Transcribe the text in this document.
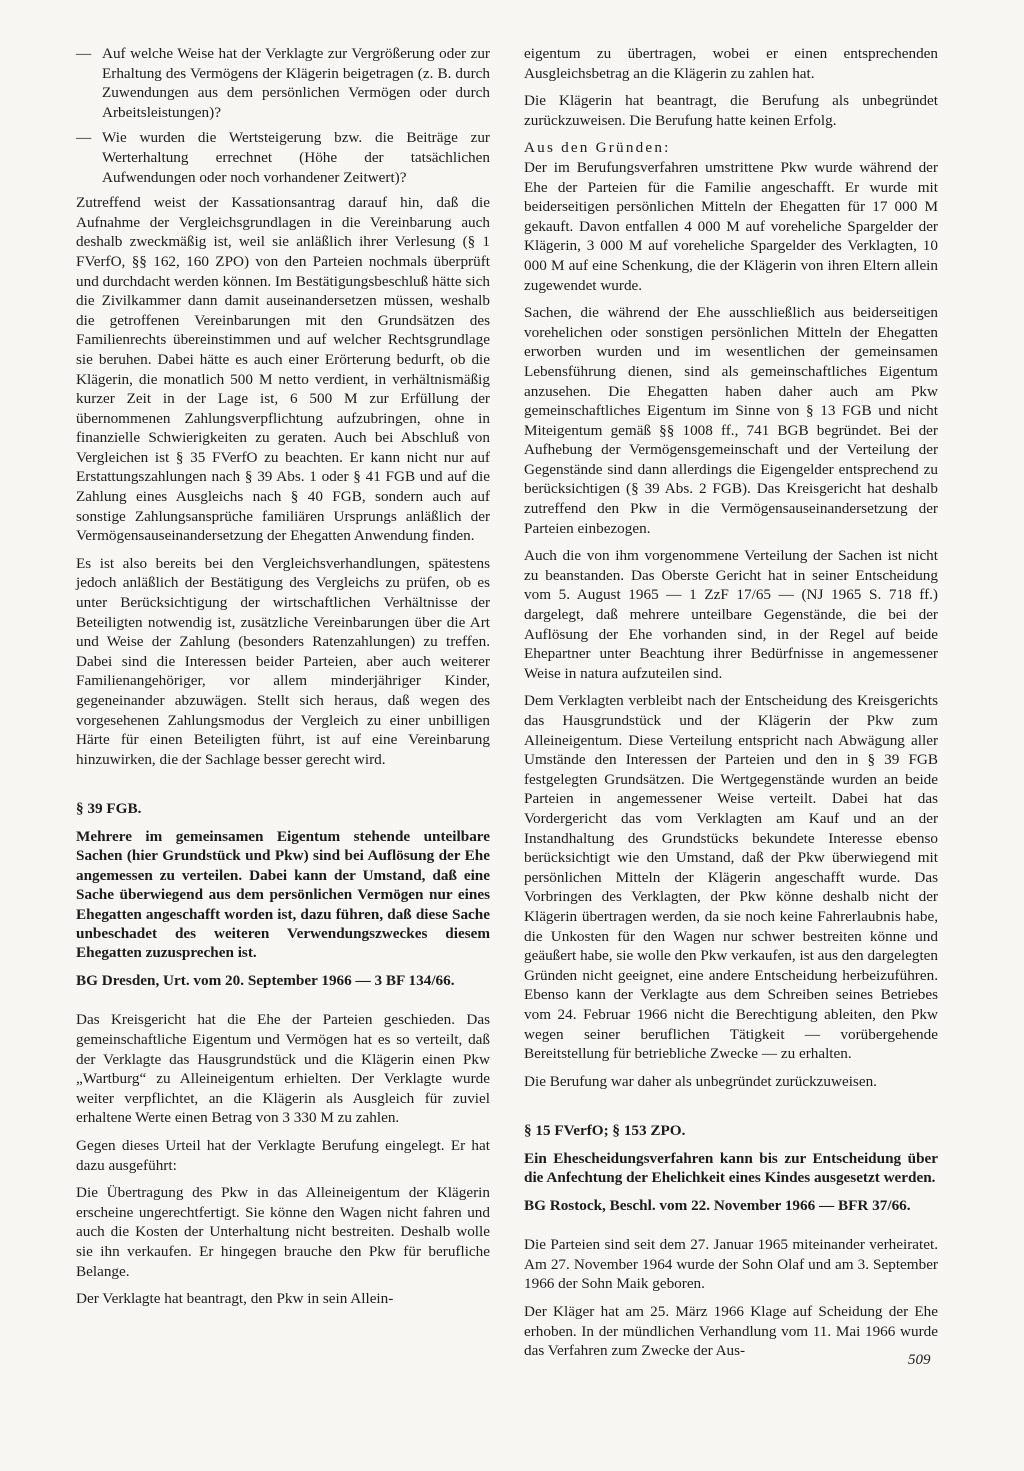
— Auf welche Weise hat der Verklagte zur Vergrößerung oder zur Erhaltung des Vermögens der Klägerin beigetragen (z. B. durch Zuwendungen aus dem persönlichen Vermögen oder durch Arbeitsleistungen)?

— Wie wurden die Wertsteigerung bzw. die Beiträge zur Werterhaltung errechnet (Höhe der tatsächlichen Aufwendungen oder noch vorhandener Zeitwert)?

Zutreffend weist der Kassationsantrag darauf hin, daß die Aufnahme der Vergleichsgrundlagen in die Vereinbarung auch deshalb zweckmäßig ist, weil sie anläßlich ihrer Verlesung (§ 1 FVerfO, §§ 162, 160 ZPO) von den Parteien nochmals überprüft und durchdacht werden können. Im Bestätigungsbeschluß hätte sich die Zivilkammer dann damit auseinandersetzen müssen, weshalb die getroffenen Vereinbarungen mit den Grundsätzen des Familienrechts übereinstimmen und auf welcher Rechtsgrundlage sie beruhen. Dabei hätte es auch einer Erörterung bedurft, ob die Klägerin, die monatlich 500 M netto verdient, in verhältnismäßig kurzer Zeit in der Lage ist, 6 500 M zur Erfüllung der übernommenen Zahlungsverpflichtung aufzubringen, ohne in finanzielle Schwierigkeiten zu geraten. Auch bei Abschluß von Vergleichen ist § 35 FVerfO zu beachten. Er kann nicht nur auf Erstattungszahlungen nach § 39 Abs. 1 oder § 41 FGB und auf die Zahlung eines Ausgleichs nach § 40 FGB, sondern auch auf sonstige Zahlungsansprüche familiären Ursprungs anläßlich der Vermögensauseinandersetzung der Ehegatten Anwendung finden.

Es ist also bereits bei den Vergleichsverhandlungen, spätestens jedoch anläßlich der Bestätigung des Vergleichs zu prüfen, ob es unter Berücksichtigung der wirtschaftlichen Verhältnisse der Beteiligten notwendig ist, zusätzliche Vereinbarungen über die Art und Weise der Zahlung (besonders Ratenzahlungen) zu treffen. Dabei sind die Interessen beider Parteien, aber auch weiterer Familienangehöriger, vor allem minderjähriger Kinder, gegeneinander abzuwägen. Stellt sich heraus, daß wegen des vorgesehenen Zahlungsmodus der Vergleich zu einer unbilligen Härte für einen Beteiligten führt, ist auf eine Vereinbarung hinzuwirken, die der Sachlage besser gerecht wird.

§ 39 FGB.

Mehrere im gemeinsamen Eigentum stehende unteilbare Sachen (hier Grundstück und Pkw) sind bei Auflösung der Ehe angemessen zu verteilen. Dabei kann der Umstand, daß eine Sache überwiegend aus dem persönlichen Vermögen nur eines Ehegatten angeschafft worden ist, dazu führen, daß diese Sache unbeschadet des weiteren Verwendungszweckes diesem Ehegatten zuzusprechen ist.

BG Dresden, Urt. vom 20. September 1966 — 3 BF 134/66.

Das Kreisgericht hat die Ehe der Parteien geschieden. Das gemeinschaftliche Eigentum und Vermögen hat es so verteilt, daß der Verklagte das Hausgrundstück und die Klägerin einen Pkw „Wartburg“ zu Alleineigentum erhielten. Der Verklagte wurde weiter verpflichtet, an die Klägerin als Ausgleich für zuviel erhaltene Werte einen Betrag von 3 330 M zu zahlen.

Gegen dieses Urteil hat der Verklagte Berufung eingelegt. Er hat dazu ausgeführt:

Die Übertragung des Pkw in das Alleineigentum der Klägerin erscheine ungerechtfertigt. Sie könne den Wagen nicht fahren und auch die Kosten der Unterhaltung nicht bestreiten. Deshalb wolle sie ihn verkaufen. Er hingegen brauche den Pkw für berufliche Belange.

Der Verklagte hat beantragt, den Pkw in sein Allein-

eigentum zu übertragen, wobei er einen entsprechenden Ausgleichsbetrag an die Klägerin zu zahlen hat.

Die Klägerin hat beantragt, die Berufung als unbegründet zurückzuweisen. Die Berufung hatte keinen Erfolg.

Aus den Gründen:

Der im Berufungsverfahren umstrittene Pkw wurde während der Ehe der Parteien für die Familie angeschafft. Er wurde mit beiderseitigen persönlichen Mitteln der Ehegatten für 17 000 M gekauft. Davon entfallen 4 000 M auf voreheliche Spargelder der Klägerin, 3 000 M auf voreheliche Spargelder des Verklagten, 10 000 M auf eine Schenkung, die der Klägerin von ihren Eltern allein zugewendet wurde.

Sachen, die während der Ehe ausschließlich aus beiderseitigen vorehelichen oder sonstigen persönlichen Mitteln der Ehegatten erworben wurden und im wesentlichen der gemeinsamen Lebensführung dienen, sind als gemeinschaftliches Eigentum anzusehen. Die Ehegatten haben daher auch am Pkw gemeinschaftliches Eigentum im Sinne von § 13 FGB und nicht Miteigentum gemäß §§ 1008 ff., 741 BGB begründet. Bei der Aufhebung der Vermögensgemeinschaft und der Verteilung der Gegenstände sind dann allerdings die Eigengelder entsprechend zu berücksichtigen (§ 39 Abs. 2 FGB). Das Kreisgericht hat deshalb zutreffend den Pkw in die Vermögensauseinandersetzung der Parteien einbezogen.

Auch die von ihm vorgenommene Verteilung der Sachen ist nicht zu beanstanden. Das Oberste Gericht hat in seiner Entscheidung vom 5. August 1965 — 1 ZzF 17/65 — (NJ 1965 S. 718 ff.) dargelegt, daß mehrere unteilbare Gegenstände, die bei der Auflösung der Ehe vorhanden sind, in der Regel auf beide Ehepartner unter Beachtung ihrer Bedürfnisse in angemessener Weise in natura aufzuteilen sind.

Dem Verklagten verbleibt nach der Entscheidung des Kreisgerichts das Hausgrundstück und der Klägerin der Pkw zum Alleineigentum. Diese Verteilung entspricht nach Abwägung aller Umstände den Interessen der Parteien und den in § 39 FGB festgelegten Grundsätzen. Die Wertgegenstände wurden an beide Parteien in angemessener Weise verteilt. Dabei hat das Vordergericht das vom Verklagten am Kauf und an der Instandhaltung des Grundstücks bekundete Interesse ebenso berücksichtigt wie den Umstand, daß der Pkw überwiegend mit persönlichen Mitteln der Klägerin angeschafft wurde. Das Vorbringen des Verklagten, der Pkw könne deshalb nicht der Klägerin übertragen werden, da sie noch keine Fahrerlaubnis habe, die Unkosten für den Wagen nur schwer bestreiten könne und geäußert habe, sie wolle den Pkw verkaufen, ist aus den dargelegten Gründen nicht geeignet, eine andere Entscheidung herbeizuführen. Ebenso kann der Verklagte aus dem Schreiben seines Betriebes vom 24. Februar 1966 nicht die Berechtigung ableiten, den Pkw wegen seiner beruflichen Tätigkeit — vorübergehende Bereitstellung für betriebliche Zwecke — zu erhalten.

Die Berufung war daher als unbegründet zurückzuweisen.

§ 15 FVerfO; § 153 ZPO.

Ein Ehescheidungsverfahren kann bis zur Entscheidung über die Anfechtung der Ehelichkeit eines Kindes ausgesetzt werden.

BG Rostock, Beschl. vom 22. November 1966 — BFR 37/66.

Die Parteien sind seit dem 27. Januar 1965 miteinander verheiratet. Am 27. November 1964 wurde der Sohn Olaf und am 3. September 1966 der Sohn Maik geboren.

Der Kläger hat am 25. März 1966 Klage auf Scheidung der Ehe erhoben. In der mündlichen Verhandlung vom 11. Mai 1966 wurde das Verfahren zum Zwecke der Aus-

509
